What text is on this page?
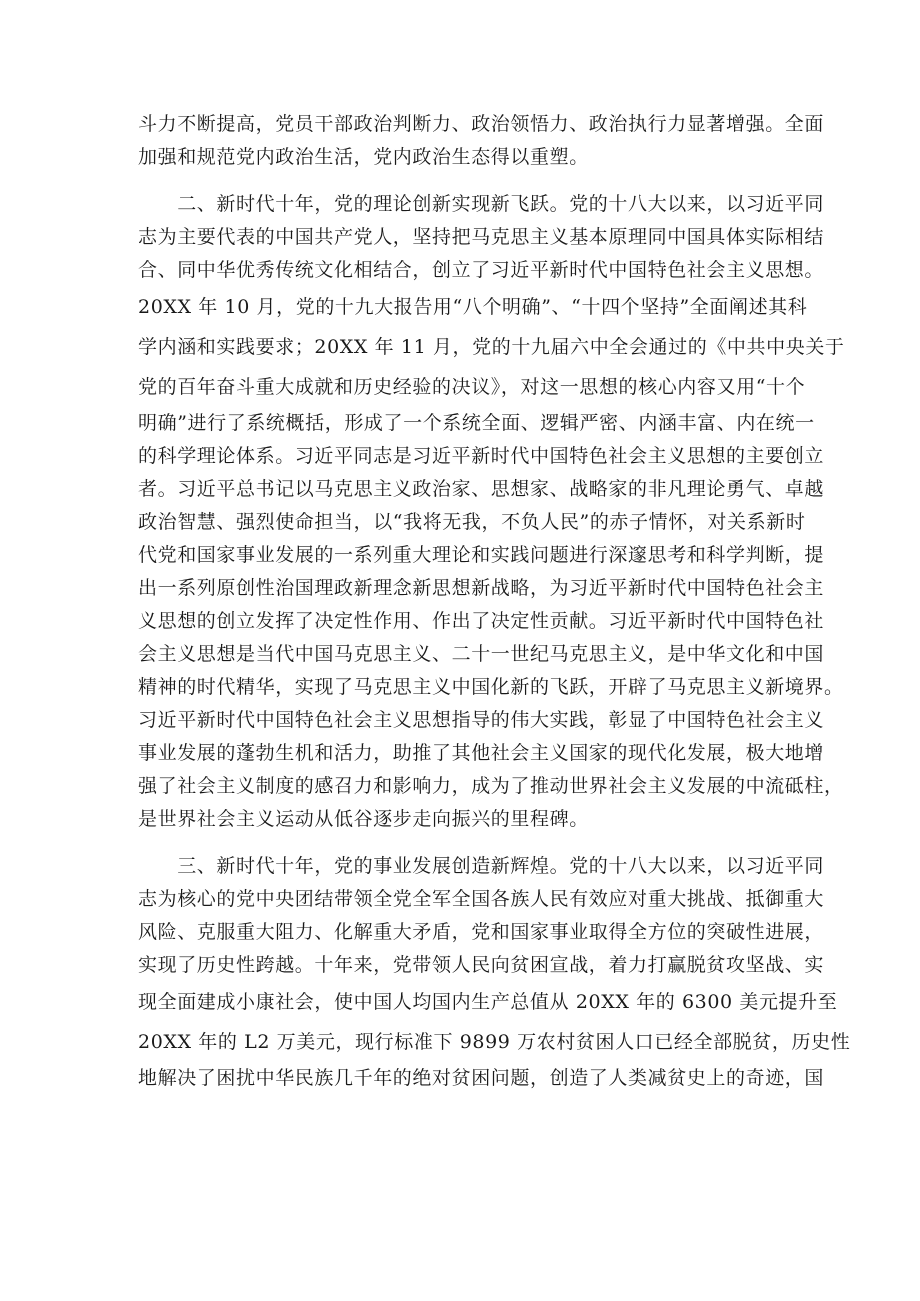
斗力不断提高，党员干部政治判断力、政治领悟力、政治执行力显著增强。全面
加强和规范党内政治生活，党内政治生态得以重塑。
　　二、新时代十年，党的理论创新实现新飞跃。党的十八大以来，以习近平同
志为主要代表的中国共产党人，坚持把马克思主义基本原理同中国具体实际相结
合、同中华优秀传统文化相结合，创立了习近平新时代中国特色社会主义思想。
20XX 年 10 月，党的十九大报告用“八个明确”、“十四个坚持”全面阐述其科
学内涵和实践要求；20XX 年 11 月，党的十九届六中全会通过的《中共中央关于
党的百年奋斗重大成就和历史经验的决议》，对这一思想的核心内容又用“十个
明确”进行了系统概括，形成了一个系统全面、逻辑严密、内涵丰富、内在统一
的科学理论体系。习近平同志是习近平新时代中国特色社会主义思想的主要创立
者。习近平总书记以马克思主义政治家、思想家、战略家的非凡理论勇气、卓越
政治智慧、强烈使命担当，以“我将无我，不负人民”的赤子情怀，对关系新时
代党和国家事业发展的一系列重大理论和实践问题进行深邃思考和科学判断，提
出一系列原创性治国理政新理念新思想新战略，为习近平新时代中国特色社会主
义思想的创立发挥了决定性作用、作出了决定性贡献。习近平新时代中国特色社
会主义思想是当代中国马克思主义、二十一世纪马克思主义，是中华文化和中国
精神的时代精华，实现了马克思主义中国化新的飞跃，开辟了马克思主义新境界。
习近平新时代中国特色社会主义思想指导的伟大实践，彰显了中国特色社会主义
事业发展的蓬勃生机和活力，助推了其他社会主义国家的现代化发展，极大地增
强了社会主义制度的感召力和影响力，成为了推动世界社会主义发展的中流砥柱，
是世界社会主义运动从低谷逐步走向振兴的里程碑。
　　三、新时代十年，党的事业发展创造新辉煌。党的十八大以来，以习近平同
志为核心的党中央团结带领全党全军全国各族人民有效应对重大挑战、抵御重大
风险、克服重大阻力、化解重大矛盾，党和国家事业取得全方位的突破性进展，
实现了历史性跨越。十年来，党带领人民向贫困宣战，着力打赢脱贫攻坚战、实
现全面建成小康社会，使中国人均国内生产总值从 20XX 年的 6300 美元提升至
20XX 年的 L2 万美元，现行标准下 9899 万农村贫困人口已经全部脱贫，历史性
地解决了困扰中华民族几千年的绝对贫困问题，创造了人类减贫史上的奇迹，国
